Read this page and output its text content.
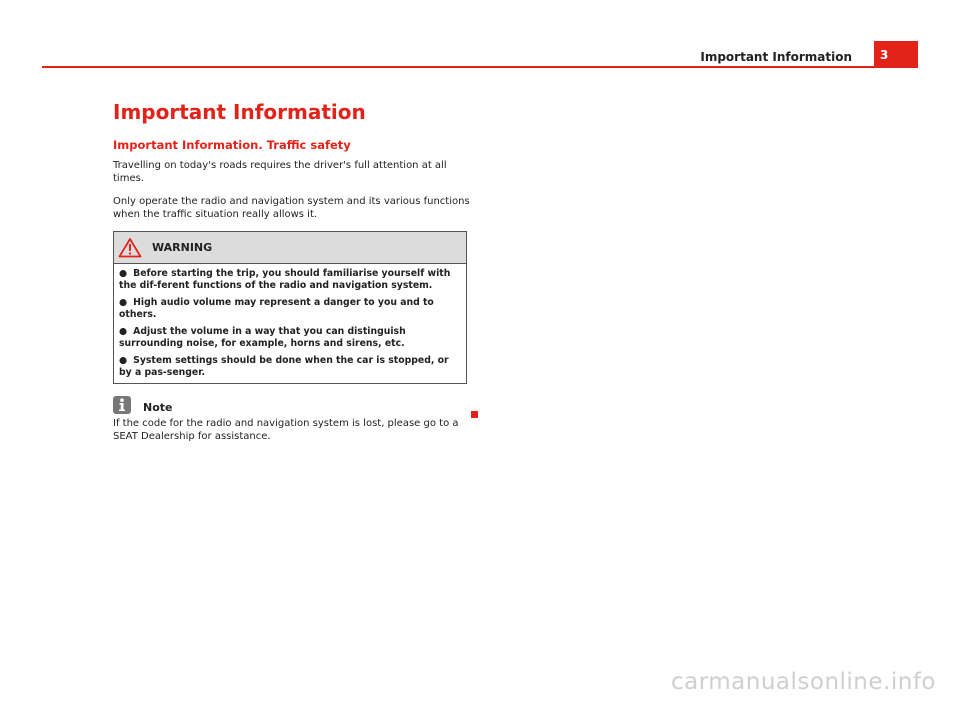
Important Information	3
Important Information
Important Information. Traffic safety

Travelling on today's roads requires the driver's full attention at all times.

Only operate the radio and navigation system and its various functions when the traffic situation really allows it.

WARNING

● Before starting the trip, you should familiarise yourself with the dif-ferent functions of the radio and navigation system.

● High audio volume may represent a danger to you and to others.

● Adjust the volume in a way that you can distinguish surrounding noise, for example, horns and sirens, etc.

● System settings should be done when the car is stopped, or by a pas-senger.

Note

If the code for the radio and navigation system is lost, please go to a SEAT Dealership for assistance.

carmanualsonline.info
